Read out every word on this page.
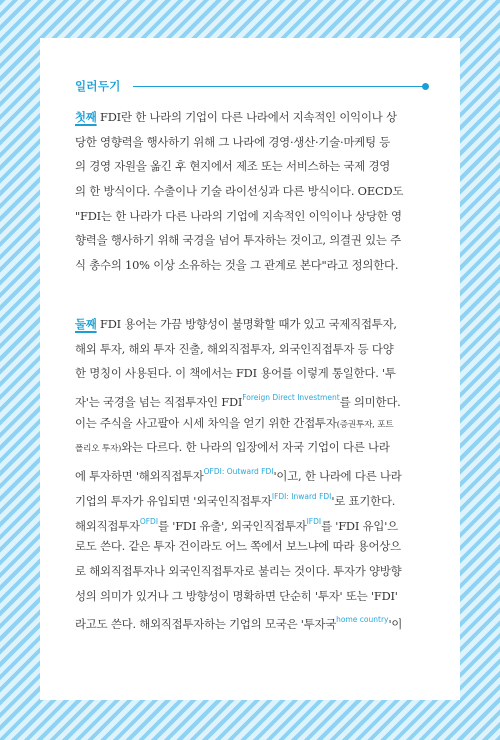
일러두기
첫째 FDI란 한 나라의 기업이 다른 나라에서 지속적인 이익이나 상
당한 영향력을 행사하기 위해 그 나라에 경영·생산·기술·마케팅 등
의 경영 자원을 옮긴 후 현지에서 제조 또는 서비스하는 국제 경영
의 한 방식이다. 수출이나 기술 라이선싱과 다른 방식이다. OECD도
"FDI는 한 나라가 다른 나라의 기업에 지속적인 이익이나 상당한 영
향력을 행사하기 위해 국경을 넘어 투자하는 것이고, 의결권 있는 주
식 총수의 10% 이상 소유하는 것을 그 관계로 본다"라고 정의한다.
둘째 FDI 용어는 가끔 방향성이 불명확할 때가 있고 국제직접투자,
해외 투자, 해외 투자 진출, 해외직접투자, 외국인직접투자 등 다양
한 명칭이 사용된다. 이 책에서는 FDI 용어를 이렇게 통일한다. '투
자'는 국경을 넘는 직접투자인 $FDI^{Foreign Direct Investment}$를 의미한다.
이는 주식을 사고팔아 시세 차익을 얻기 위한 간접투자(증권투자, 포트
폴리오 투자)와는 다르다. 한 나라의 입장에서 자국 기업이 다른 나라
에 투자하면 '해외직접투자$^{OFDI: Outward FDI}$'이고, 한 나라에 다른 나라
기업의 투자가 유입되면 '외국인직접투자$^{IFDI: Inward FDI}$'로 표기한다.
해외직접투자$^{OFDI}$를 'FDI 유출', 외국인직접투자$^{IFDI}$를 'FDI 유입'으
로도 쓴다. 같은 투자 건이라도 어느 쪽에서 보느냐에 따라 용어상으
로 해외직접투자나 외국인직접투자로 불리는 것이다. 투자가 양방향
성의 의미가 있거나 그 방향성이 명확하면 단순히 '투자' 또는 'FDI'
라고도 쓴다. 해외직접투자하는 기업의 모국은 '투자국$^{home country}$'이
